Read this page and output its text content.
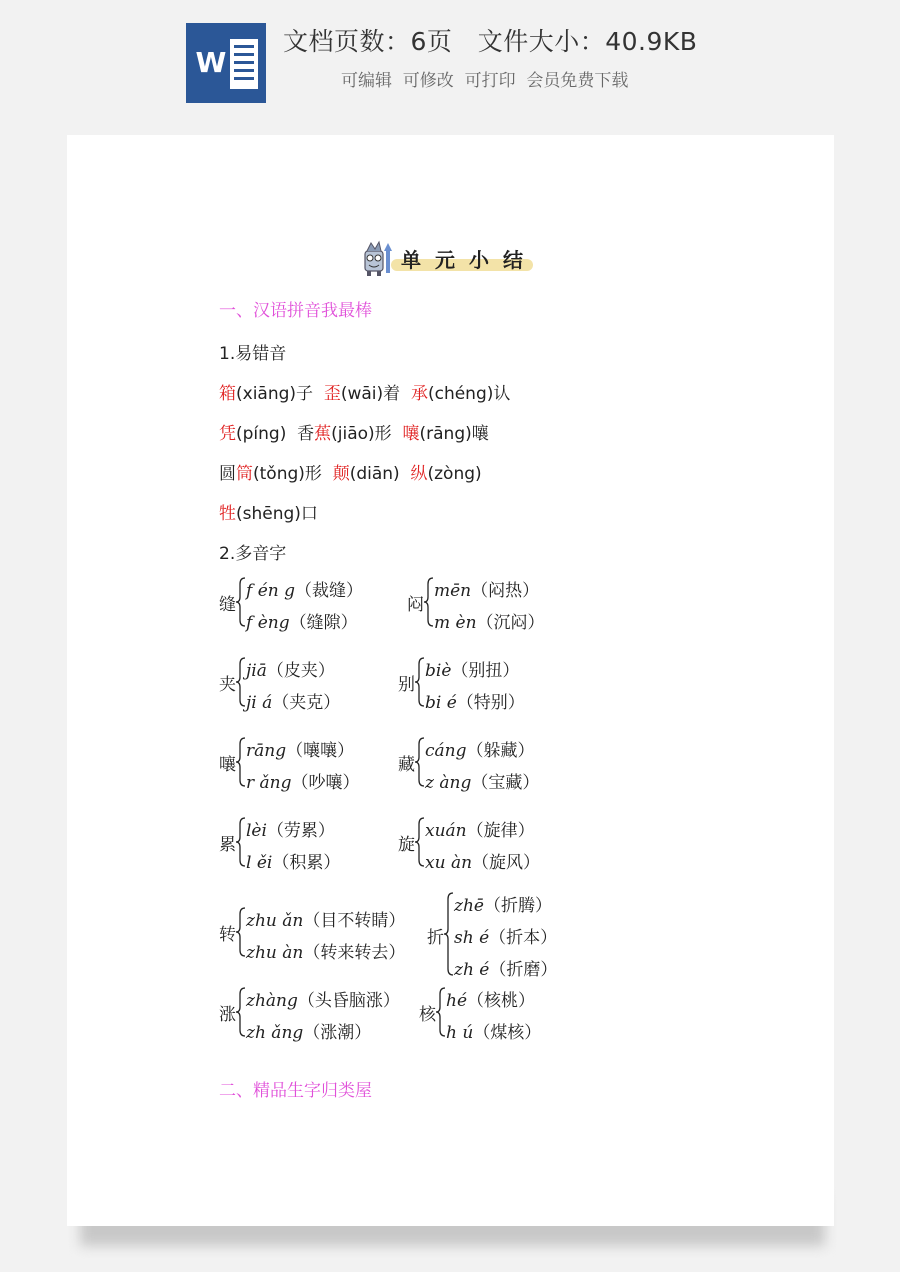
W
文档页数：6页   文件大小：40.9KB
可编辑  可修改  可打印  会员免费下载
单元小结
一、汉语拼音我最棒
1.易错音
箱(xiāng)子  歪(wāi)着  承(chéng)认
凭(píng)  香蕉(jiāo)形  嚷(rāng)嚷
圆筒(tǒng)形  颠(diān)  纵(zòng)
牲(shēng)口
2.多音字
缝
f én g（裁缝）
f èng（缝隙）
闷
mēn（闷热）
m èn（沉闷）
夹
jiā（皮夹）
ji á（夹克）
别
biè（别扭）
bi é（特别）
嚷
rāng（嚷嚷）
r ǎng（吵嚷）
藏
cáng（躲藏）
z àng（宝藏）
累
lèi（劳累）
l ěi（积累）
旋
xuán（旋律）
xu àn（旋风）
转
zhu ǎn（目不转睛）
zhu àn（转来转去）
折
zhē（折腾）
sh é（折本）
zh é（折磨）
涨
zhàng（头昏脑涨）
zh ǎng（涨潮）
核
hé（核桃）
h ú（煤核）
二、精品生字归类屋
